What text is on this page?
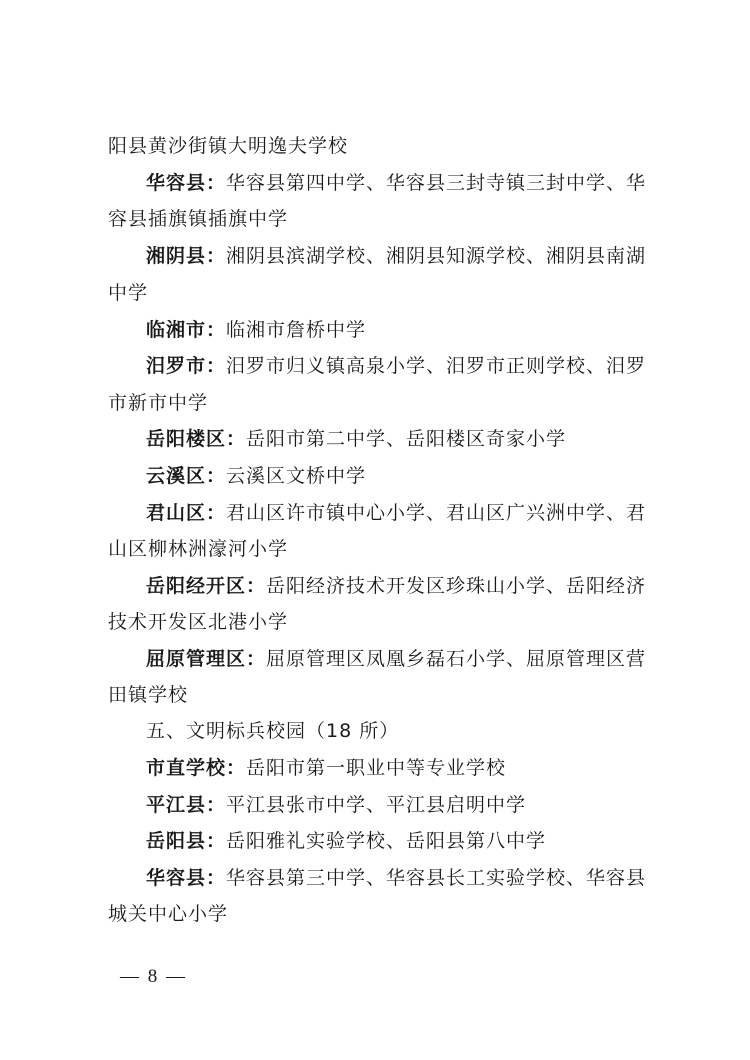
阳县黄沙街镇大明逸夫学校
华容县：华容县第四中学、华容县三封寺镇三封中学、华
容县插旗镇插旗中学
湘阴县：湘阴县滨湖学校、湘阴县知源学校、湘阴县南湖
中学
临湘市：临湘市詹桥中学
汨罗市：汨罗市归义镇高泉小学、汨罗市正则学校、汨罗
市新市中学
岳阳楼区：岳阳市第二中学、岳阳楼区奇家小学
云溪区：云溪区文桥中学
君山区：君山区许市镇中心小学、君山区广兴洲中学、君
山区柳林洲濠河小学
岳阳经开区：岳阳经济技术开发区珍珠山小学、岳阳经济
技术开发区北港小学
屈原管理区：屈原管理区凤凰乡磊石小学、屈原管理区营
田镇学校
五、文明标兵校园（18 所）
市直学校：岳阳市第一职业中等专业学校
平江县：平江县张市中学、平江县启明中学
岳阳县：岳阳雅礼实验学校、岳阳县第八中学
华容县：华容县第三中学、华容县长工实验学校、华容县
城关中心小学
— 8 —
